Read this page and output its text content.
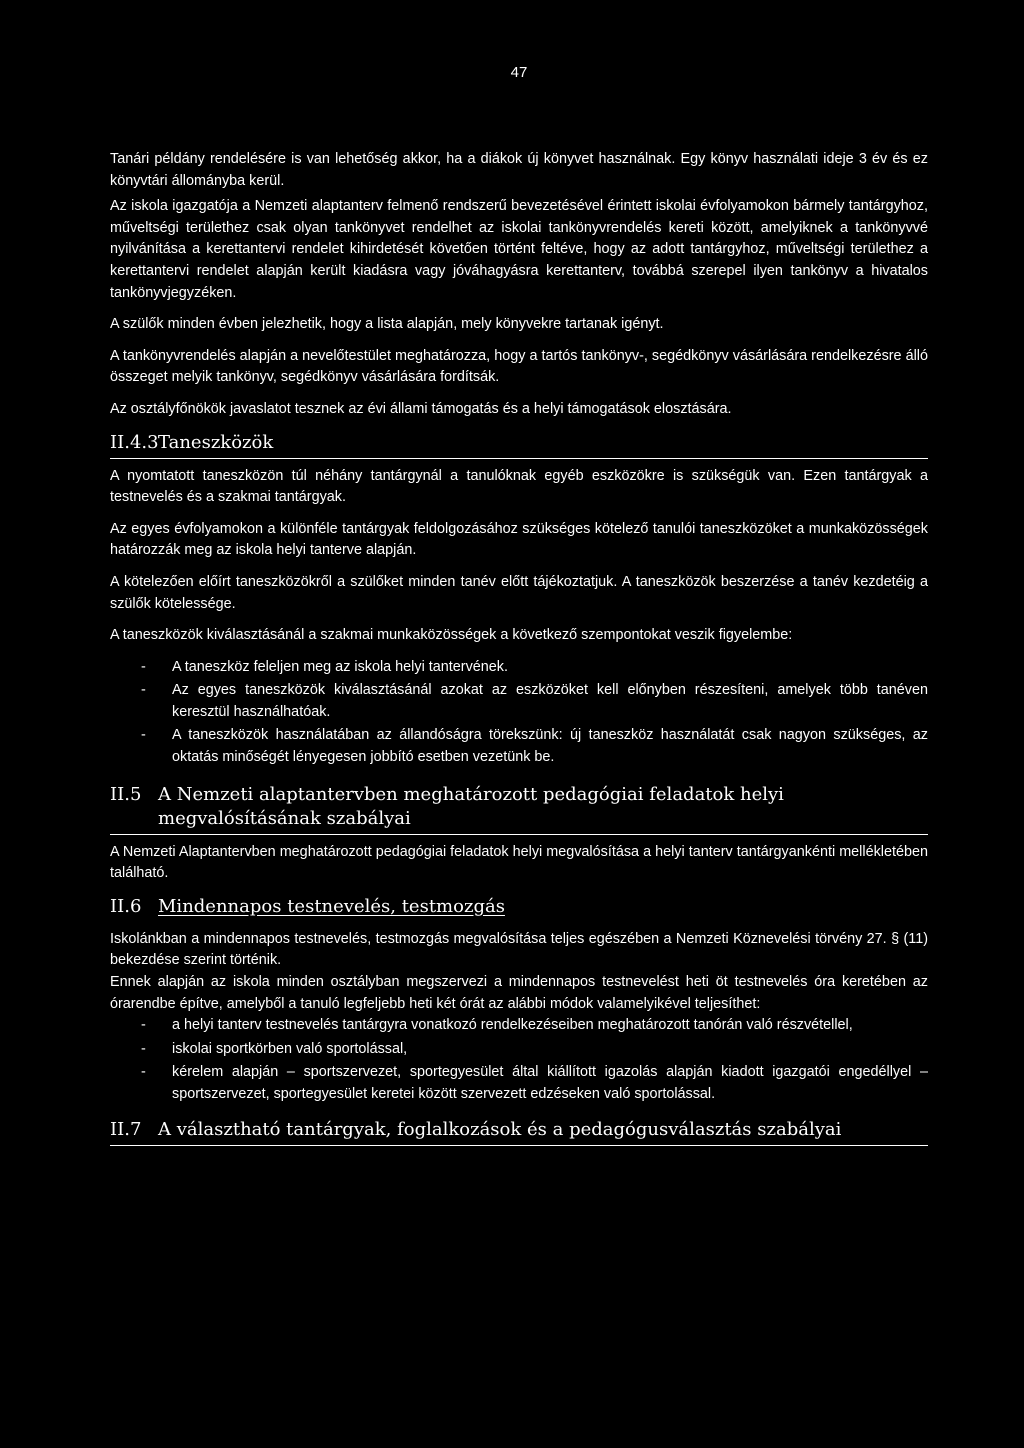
47

Tanári példány rendelésére is van lehetőség akkor, ha a diákok új könyvet használnak. Egy könyv használati ideje 3 év és ez könyvtári állományba kerül.

Az iskola igazgatója a Nemzeti alaptanterv felmenő rendszerű bevezetésével érintett iskolai évfolyamokon bármely tantárgyhoz, műveltségi területhez csak olyan tankönyvet rendelhet az iskolai tankönyvrendelés kereti között, amelyiknek a tankönyvvé nyilvánítása a kerettantervi rendelet kihirdetését követően történt feltéve, hogy az adott tantárgyhoz, műveltségi területhez a kerettantervi rendelet alapján került kiadásra vagy jóváhagyásra kerettanterv, továbbá szerepel ilyen tankönyv a hivatalos tankönyvjegyzéken.

A szülők minden évben jelezhetik, hogy a lista alapján, mely könyvekre tartanak igényt.

A tankönyvrendelés alapján a nevelőtestület meghatározza, hogy a tartós tankönyv-, segédkönyv vásárlására rendelkezésre álló összeget melyik tankönyv, segédkönyv vásárlására fordítsák.

Az osztályfőnökök javaslatot tesznek az évi állami támogatás és a helyi támogatások elosztására.

II.4.3 Taneszközök

A nyomtatott taneszközön túl néhány tantárgynál a tanulóknak egyéb eszközökre is szükségük van. Ezen tantárgyak a testnevelés és a szakmai tantárgyak.

Az egyes évfolyamokon a különféle tantárgyak feldolgozásához szükséges kötelező tanulói taneszközöket a munkaközösségek határozzák meg az iskola helyi tanterve alapján.

A kötelezően előírt taneszközökről a szülőket minden tanév előtt tájékoztatjuk. A taneszközök beszerzése a tanév kezdetéig a szülők kötelessége.

A taneszközök kiválasztásánál a szakmai munkaközösségek a következő szempontokat veszik figyelembe:

- A taneszköz feleljen meg az iskola helyi tantervének.
- Az egyes taneszközök kiválasztásánál azokat az eszközöket kell előnyben részesíteni, amelyek több tanéven keresztül használhatóak.
- A taneszközök használatában az állandóságra törekszünk: új taneszköz használatát csak nagyon szükséges, az oktatás minőségét lényegesen jobbító esetben vezetünk be.
II.5 A Nemzeti alaptantervben meghatározott pedagógiai feladatok helyi megvalósításának szabályai

A Nemzeti Alaptantervben meghatározott pedagógiai feladatok helyi megvalósítása a helyi tanterv tantárgyankénti mellékletében található.

II.6 Mindennapos testnevelés, testmozgás

Iskolánkban a mindennapos testnevelés, testmozgás megvalósítása teljes egészében a Nemzeti Köznevelési törvény 27. § (11) bekezdése szerint történik.

Ennek alapján az iskola minden osztályban megszervezi a mindennapos testnevelést heti öt testnevelés óra keretében az órarendbe építve, amelyből a tanuló legfeljebb heti két órát az alábbi módok valamelyikével teljesíthet:

- a helyi tanterv testnevelés tantárgyra vonatkozó rendelkezéseiben meghatározott tanórán való részvétellel,
- iskolai sportkörben való sportolással,
- kérelem alapján – sportszervezet, sportegyesület által kiállított igazolás alapján kiadott igazgatói engedéllyel – sportszervezet, sportegyesület keretei között szervezett edzéseken való sportolással.
II.7 A választható tantárgyak, foglalkozások és a pedagógusválasztás szabályai
